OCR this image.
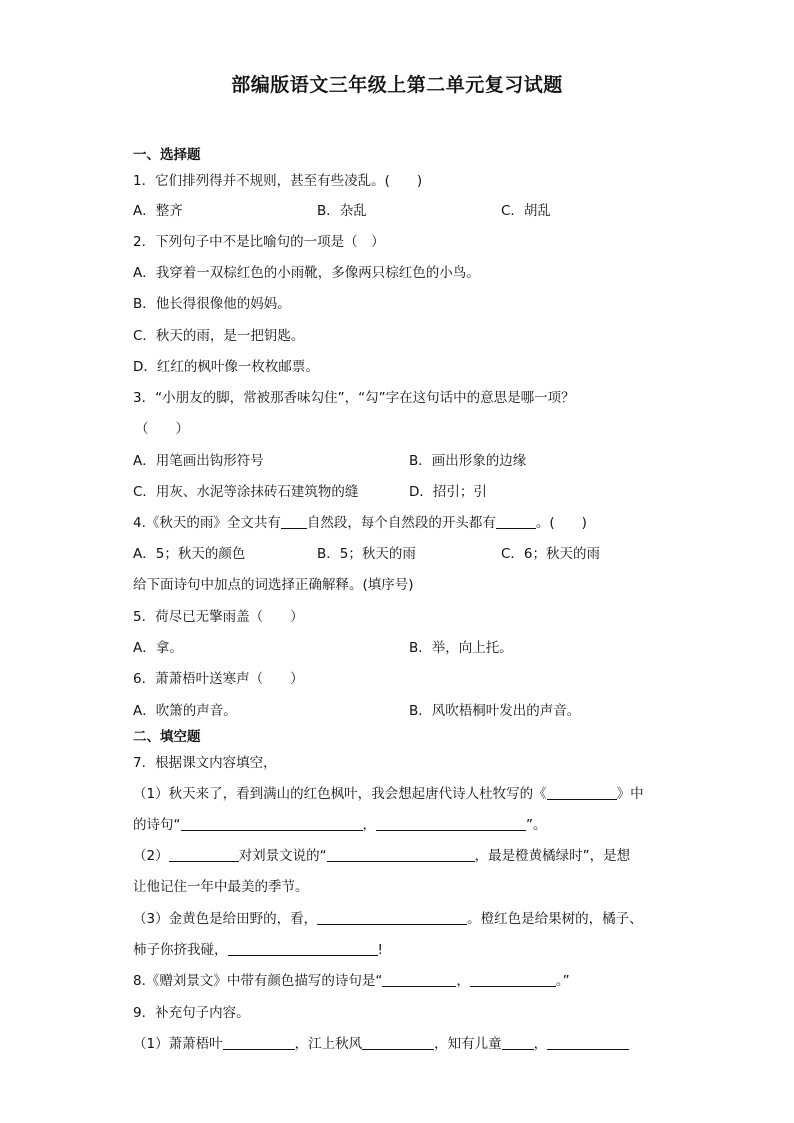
部编版语文三年级上第二单元复习试题
一、选择题
1．它们排列得并不规则，甚至有些凌乱。(　　)
A．整齐	B．杂乱	C．胡乱
2．下列句子中不是比喻句的一项是（　）
A．我穿着一双棕红色的小雨靴，多像两只棕红色的小鸟。
B．他长得很像他的妈妈。
C．秋天的雨，是一把钥匙。
D．红红的枫叶像一枚枚邮票。
3．“小朋友的脚，常被那香味勾住”，“勾”字在这句话中的意思是哪一项？
（　　）
A．用笔画出钩形符号	B．画出形象的边缘
C．用灰、水泥等涂抹砖石建筑物的缝	D．招引；引
4.《秋天的雨》全文共有 自然段，每个自然段的开头都有	。(　　)
A．5；秋天的颜色	B．5；秋天的雨	C．6；秋天的雨
给下面诗句中加点的词选择正确解释。(填序号)
5．荷尽已无擎雨盖（　　）
A．拿。	B．举，向上托。
6．萧萧梧叶送寒声（　　）
A．吹箫的声音。	B．风吹梧桐叶发出的声音。
二、填空题
7．根据课文内容填空，
（1）秋天来了，看到满山的红色枫叶，我会想起唐代诗人杜牧写的《	》中
的诗句“	，	”。
（2）	对刘景文说的“	，最是橙黄橘绿时”，是想
让他记住一年中最美的季节。
（3）金黄色是给田野的，看，	。橙红色是给果树的，橘子、
柿子你挤我碰，	!
8.《赠刘景文》中带有颜色描写的诗句是“	，	。”
9．补充句子内容。
（1）萧萧梧叶	，江上秋风	，知有儿童 ，
